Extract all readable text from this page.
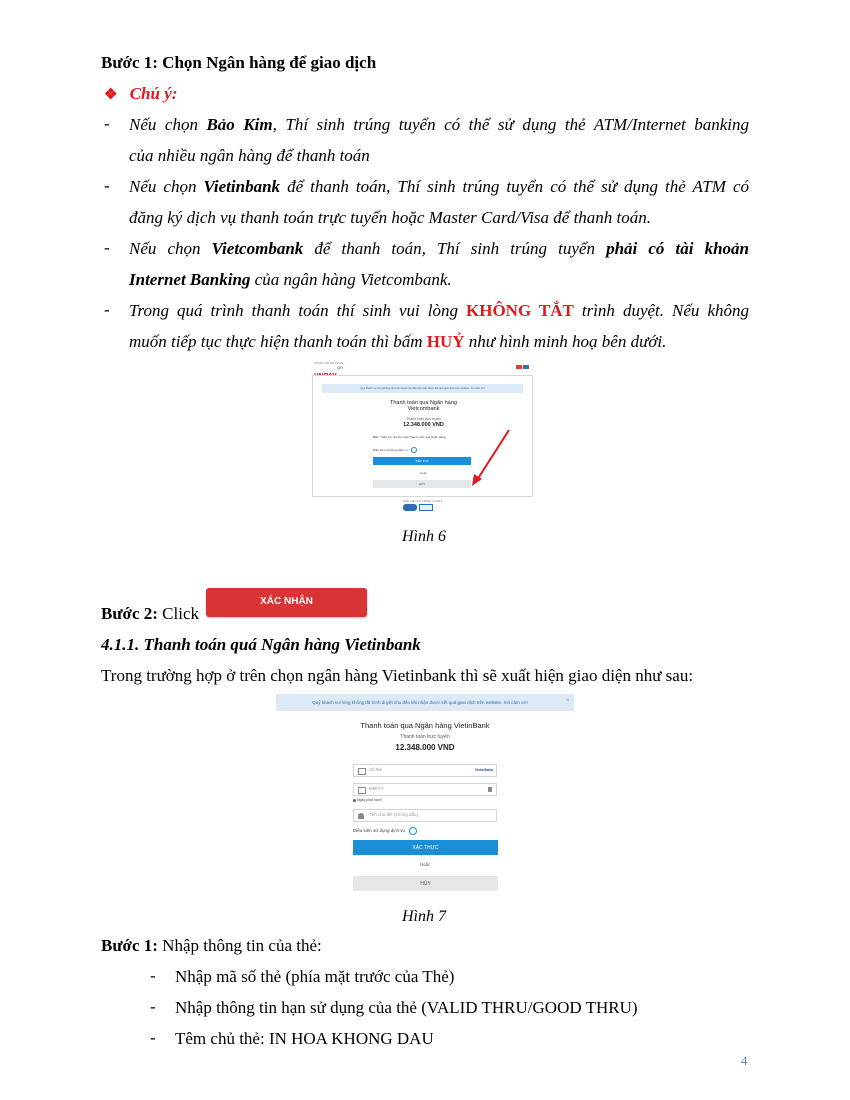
Bước 1: Chọn Ngân hàng để giao dịch
❖ Chú ý:
- Nếu chọn Bảo Kim, Thí sinh trúng tuyển có thể sử dụng thẻ ATM/Internet banking
của nhiều ngân hàng để thanh toán
- Nếu chọn Vietinbank để thanh toán, Thí sinh trúng tuyển có thể sử dụng thẻ ATM có
đăng ký dịch vụ thanh toán trực tuyến hoặc Master Card/Visa để thanh toán.
- Nếu chọn Vietcombank để thanh toán, Thí sinh trúng tuyển phải có tài khoản
Internet Banking của ngân hàng Vietcombank.
- Trong quá trình thanh toán thí sinh vui lòng KHÔNG TẮT trình duyệt. Nếu không
muốn tiếp tục thực hiện thanh toán thì bấm HUỶ như hình minh hoạ bên dưới.
CỔNG THANH TOÁN
$^{QR}$
Quý khách vui lòng không tắt trình duyệt cho đến khi nhận được kết quả giao dịch trên website. Xin cảm ơn!
Thanh toán qua Ngân hàng
Vietcombank
Thanh toán trực tuyến
12.348.000 VND
Bấm "Tiếp tục" để truy cập Thanh toán qua Ngân hàng
Điều kiện sử dụng dịch vụ
TIẾP TỤC
Hoặc
HỦY
Phát triển bởi VNPAY © 2021
Hình 6
Bước 2: Click
XÁC NHẬN
4.1.1. Thanh toán quá Ngân hàng Vietinbank
Trong trường hợp ở trên chọn ngân hàng Vietinbank thì sẽ xuất hiện giao diện như sau:
Quý khách vui lòng không tắt trình duyệt cho đến khi nhận được kết quả giao dịch trên website. Xin cảm ơn!	×
Thanh toán qua Ngân hàng VietinBank
Thanh toán trực tuyến
12.348.000 VND
Số thẻ	VietinBank
MM/YY
Ngày phát hành
Tên chủ thẻ (không dấu)
Điều kiện sử dụng dịch vụ
XÁC THỰC
Hoặc
HỦY
Hình 7
Bước 1: Nhập thông tin của thẻ:
- Nhập mã số thẻ (phía mặt trước của Thẻ)
- Nhập thông tin hạn sử dụng của thẻ (VALID THRU/GOOD THRU)
- Têm chủ thẻ: IN HOA KHONG DAU
4
